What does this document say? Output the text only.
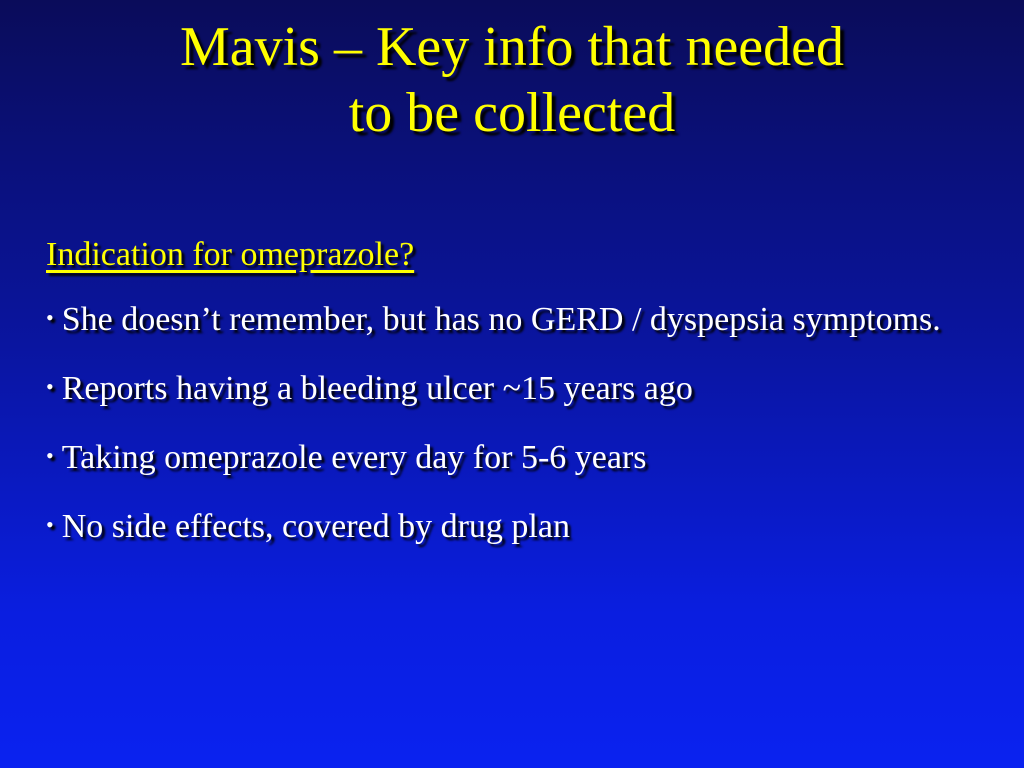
Mavis – Key info that needed
to be collected
Indication for omeprazole?
• She doesn’t remember, but has no GERD / dyspepsia symptoms.
• Reports having a bleeding ulcer ~15 years ago
• Taking omeprazole every day for 5-6 years
• No side effects, covered by drug plan
